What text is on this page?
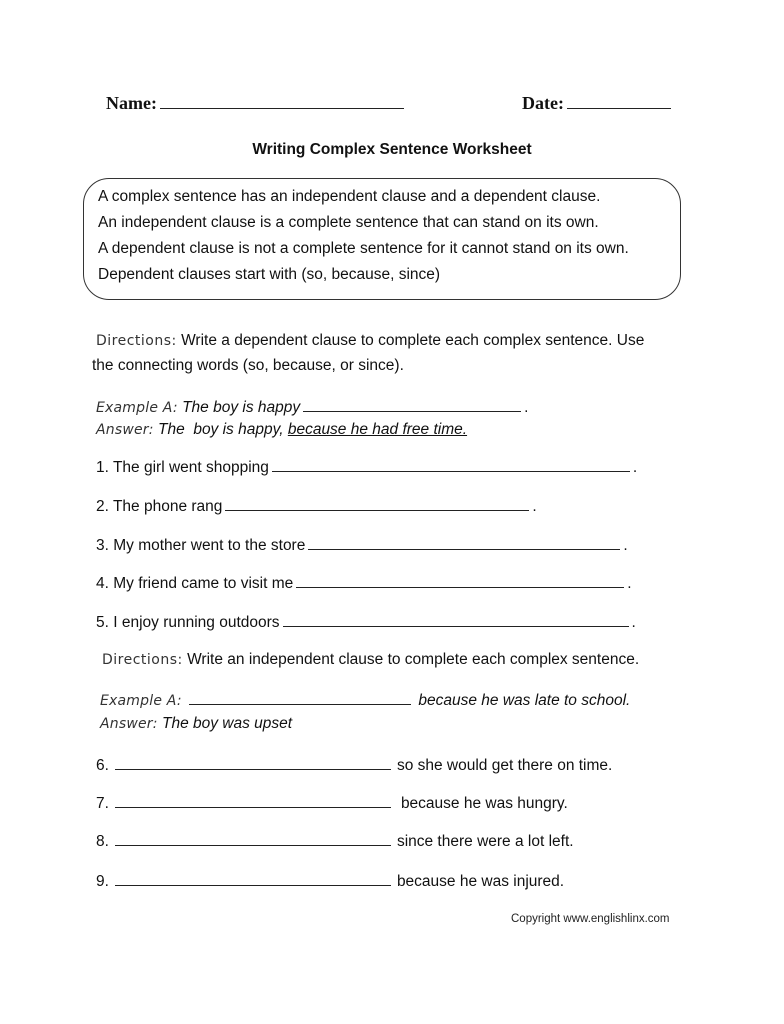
Name:	Date:
Writing Complex Sentence Worksheet
A complex sentence has an independent clause and a dependent clause.
An independent clause is a complete sentence that can stand on its own.
A dependent clause is not a complete sentence for it cannot stand on its own.
Dependent clauses start with (so, because, since)
Directions: Write a dependent clause to complete each complex sentence. Use
the connecting words (so, because, or since).
Example A: The boy is happy	.
Answer: The  boy is happy, because he had free time.
1. The girl went shopping	.
2. The phone rang	.
3. My mother went to the store	.
4. My friend came to visit me	.
5. I enjoy running outdoors	.
Directions: Write an independent clause to complete each complex sentence.
Example A:	because he was late to school.
Answer: The boy was upset
6.	so she would get there on time.
7.	because he was hungry.
8.	since there were a lot left.
9.	because he was injured.
Copyright www.englishlinx.com
